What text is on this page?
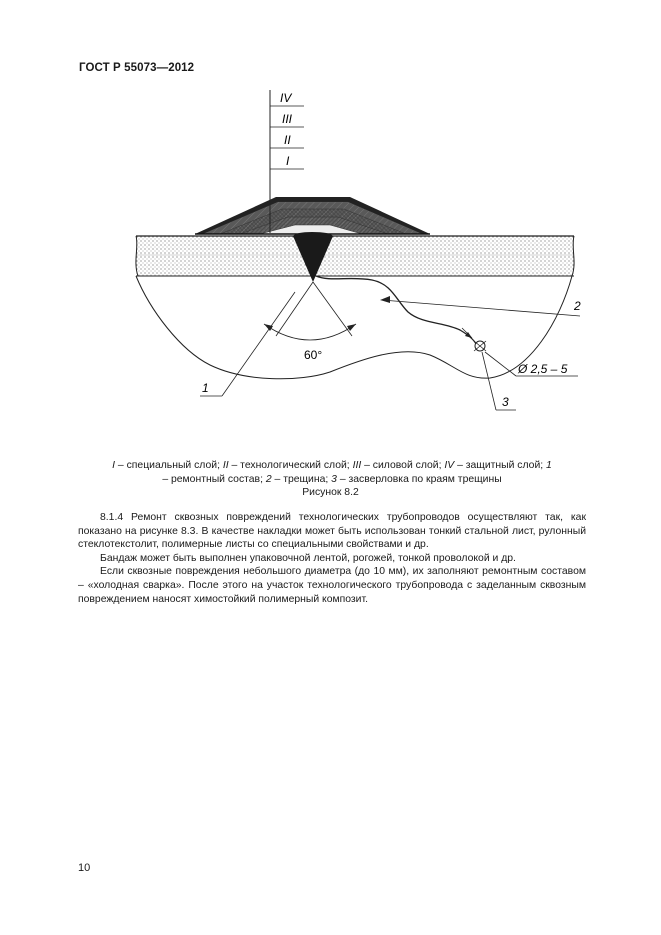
ГОСТ Р 55073—2012
IV
III
II
I
60°
Ø 2,5 – 5
1
2
3
I – специальный слой; II – технологический слой; III – силовой слой; IV – защитный слой; 1 – ремонтный состав; 2 – трещина; 3 – засверловка по краям трещины
Рисунок 8.2

8.1.4 Ремонт сквозных повреждений технологических трубопроводов осуществляют так, как показано на рисунке 8.3. В качестве накладки может быть использован тонкий стальной лист, рулонный стеклотекстолит, полимерные листы со специальными свойствами и др.

Бандаж может быть выполнен упаковочной лентой, рогожей, тонкой проволокой и др.

Если сквозные повреждения небольшого диаметра (до 10 мм), их заполняют ремонтным составом – «холодная сварка». После этого на участок технологического трубопровода с заделанным сквозным повреждением наносят химостойкий полимерный композит.

10
